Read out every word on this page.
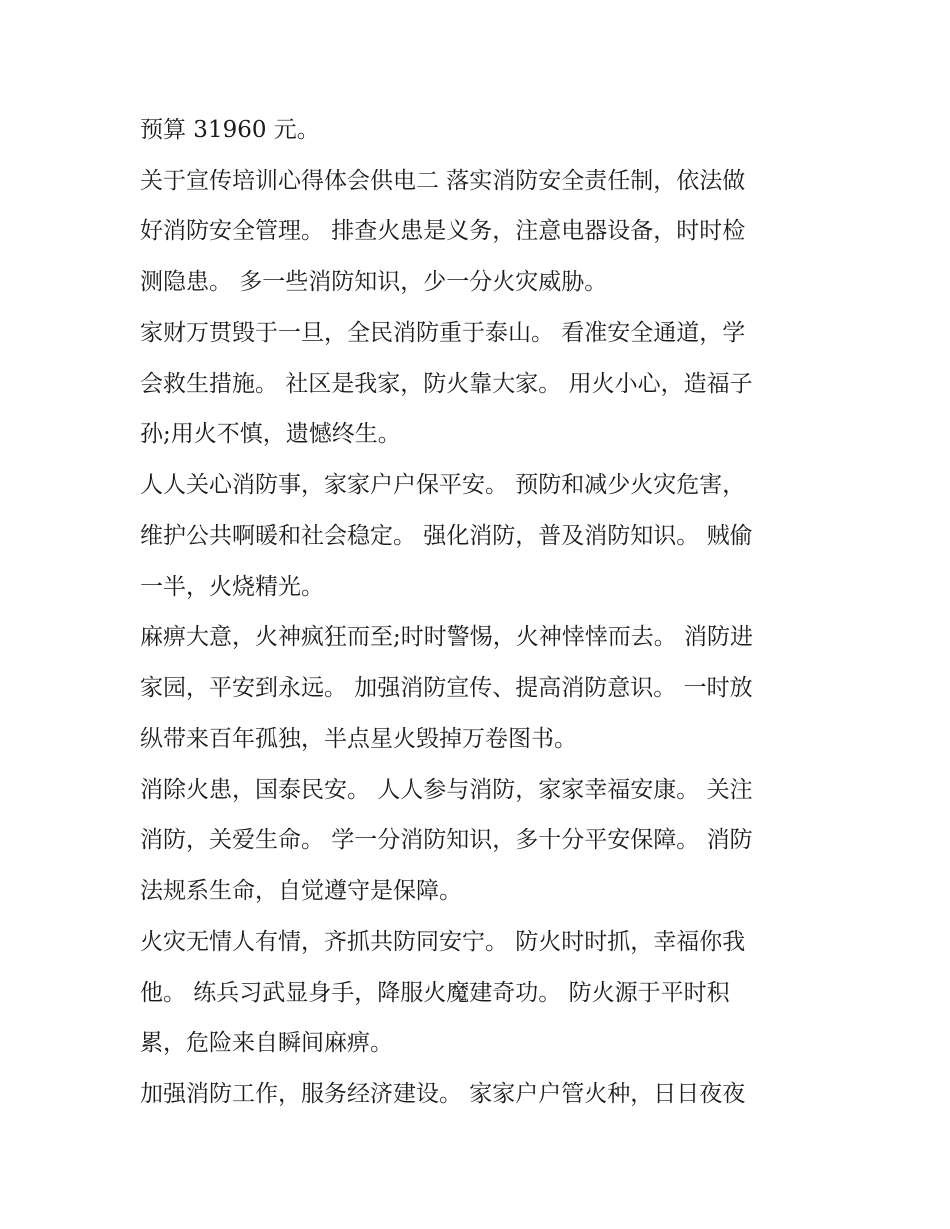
预算 31960 元。
关于宣传培训心得体会供电二 落实消防安全责任制，依法做
好消防安全管理。 排查火患是义务，注意电器设备，时时检
测隐患。 多一些消防知识，少一分火灾威胁。
家财万贯毁于一旦，全民消防重于泰山。 看准安全通道，学
会救生措施。 社区是我家，防火靠大家。 用火小心，造福子
孙;用火不慎，遗憾终生。
人人关心消防事，家家户户保平安。 预防和减少火灾危害，
维护公共啊暖和社会稳定。 强化消防，普及消防知识。 贼偷
一半，火烧精光。
麻痹大意，火神疯狂而至;时时警惕，火神悻悻而去。 消防进
家园，平安到永远。 加强消防宣传、提高消防意识。 一时放
纵带来百年孤独，半点星火毁掉万卷图书。
消除火患，国泰民安。 人人参与消防，家家幸福安康。 关注
消防，关爱生命。 学一分消防知识，多十分平安保障。 消防
法规系生命，自觉遵守是保障。
火灾无情人有情，齐抓共防同安宁。 防火时时抓，幸福你我
他。 练兵习武显身手，降服火魔建奇功。 防火源于平时积
累，危险来自瞬间麻痹。
加强消防工作，服务经济建设。 家家户户管火种，日日夜夜
